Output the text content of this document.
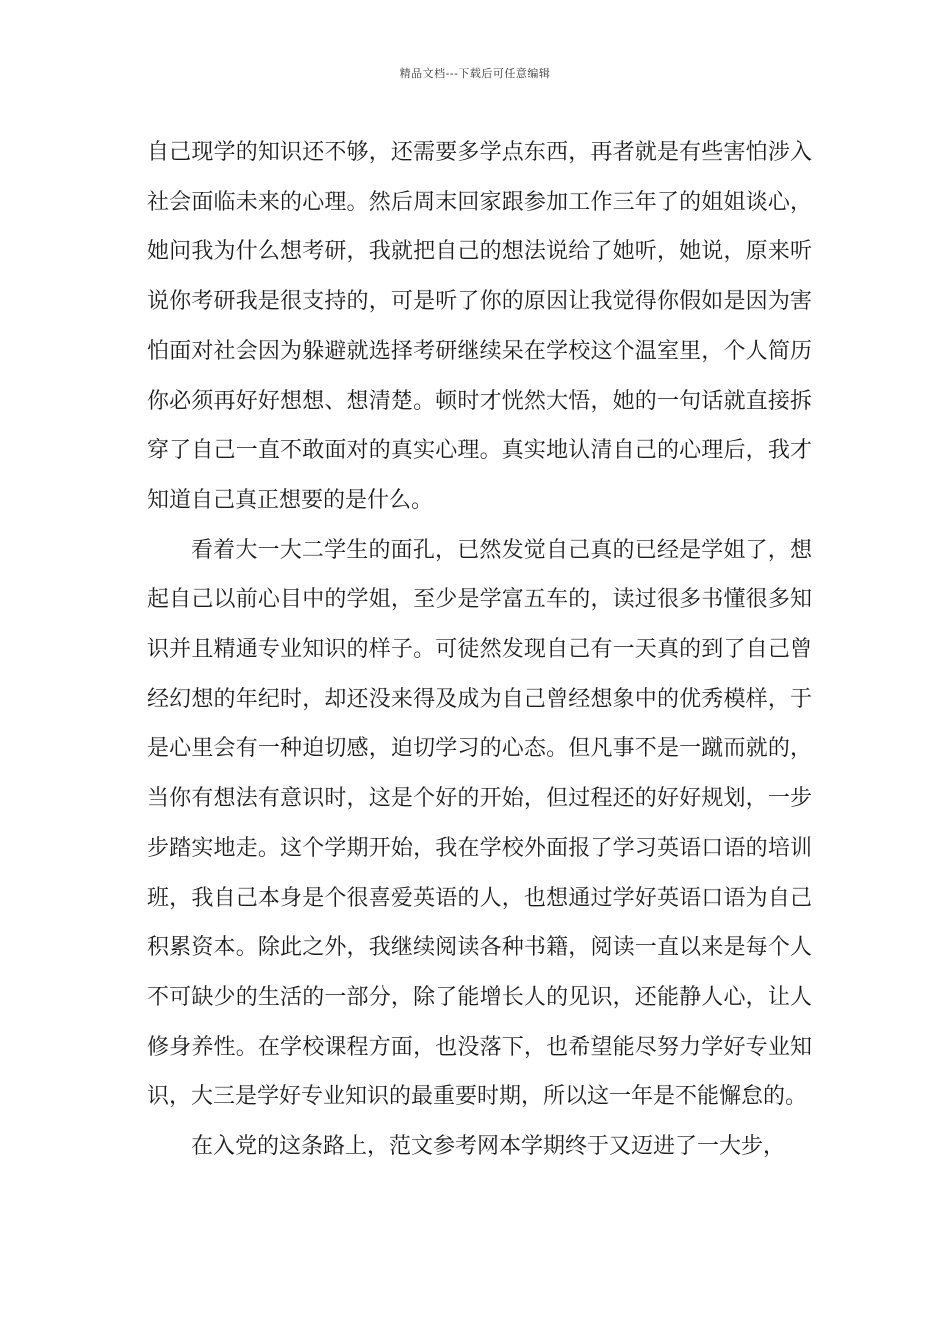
精品文档---下载后可任意编辑

自己现学的知识还不够，还需要多学点东西，再者就是有些害怕涉入社会面临未来的心理。然后周末回家跟参加工作三年了的姐姐谈心，她问我为什么想考研，我就把自己的想法说给了她听，她说，原来听说你考研我是很支持的，可是听了你的原因让我觉得你假如是因为害怕面对社会因为躲避就选择考研继续呆在学校这个温室里，个人简历你必须再好好想想、想清楚。顿时才恍然大悟，她的一句话就直接拆穿了自己一直不敢面对的真实心理。真实地认清自己的心理后，我才知道自己真正想要的是什么。

看着大一大二学生的面孔，已然发觉自己真的已经是学姐了，想起自己以前心目中的学姐，至少是学富五车的，读过很多书懂很多知识并且精通专业知识的样子。可徒然发现自己有一天真的到了自己曾经幻想的年纪时，却还没来得及成为自己曾经想象中的优秀模样，于是心里会有一种迫切感，迫切学习的心态。但凡事不是一蹴而就的，当你有想法有意识时，这是个好的开始，但过程还的好好规划，一步步踏实地走。这个学期开始，我在学校外面报了学习英语口语的培训班，我自己本身是个很喜爱英语的人，也想通过学好英语口语为自己积累资本。除此之外，我继续阅读各种书籍，阅读一直以来是每个人不可缺少的生活的一部分，除了能增长人的见识，还能静人心，让人修身养性。在学校课程方面，也没落下，也希望能尽努力学好专业知识，大三是学好专业知识的最重要时期，所以这一年是不能懈怠的。

在入党的这条路上，范文参考网本学期终于又迈进了一大步，
